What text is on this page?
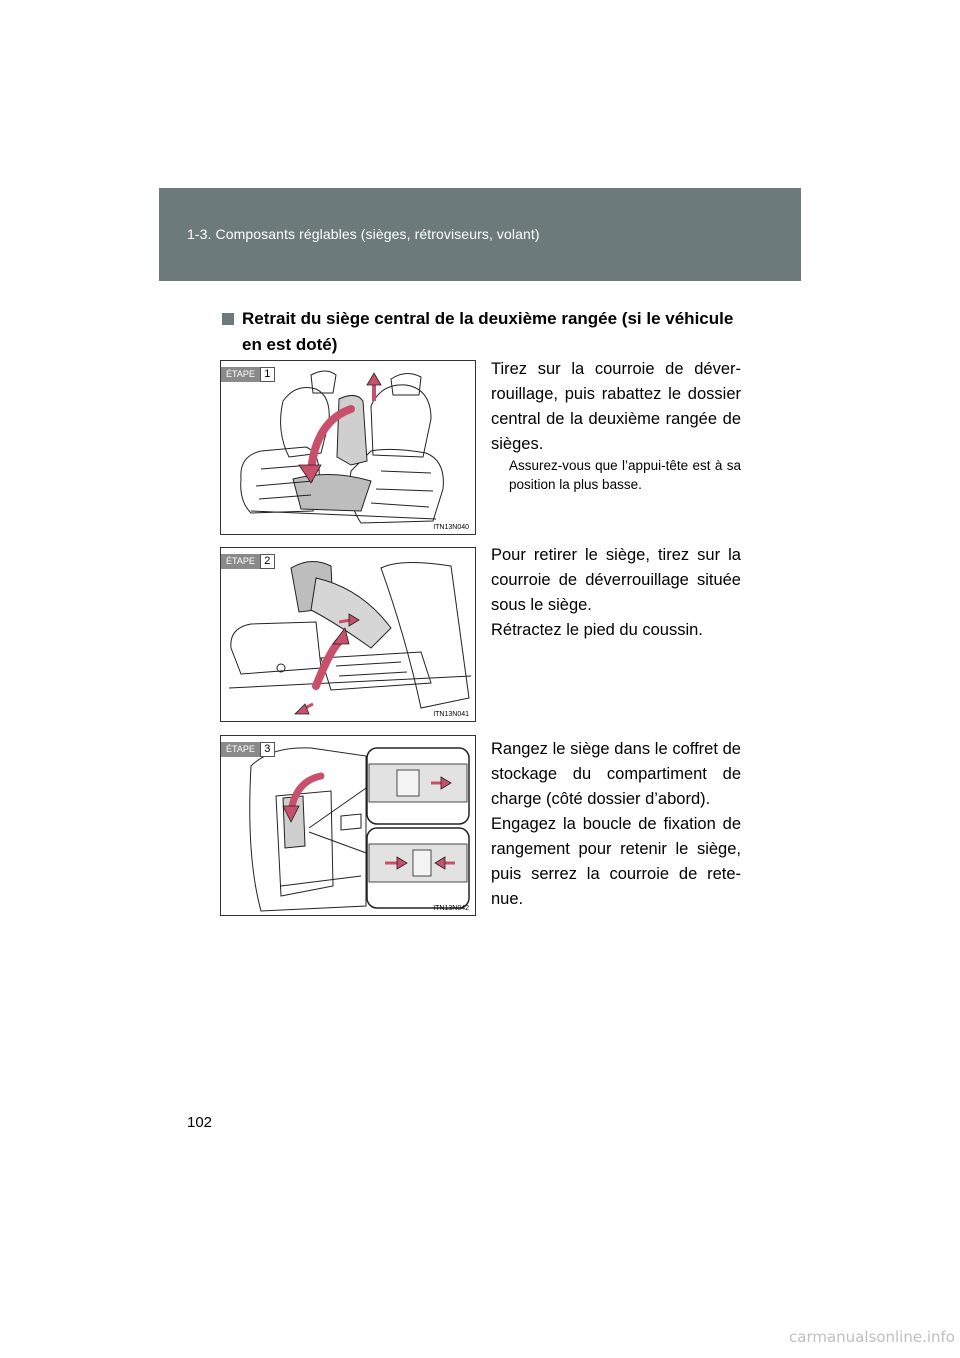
1-3. Composants réglables (sièges, rétroviseurs, volant)
Retrait du siège central de la deuxième rangée (si le véhicule
en est doté)
ÉTAPE 1
ITN13N040

Tirez sur la courroie de déver-rouillage, puis rabattez le dossier central de la deuxième rangée de sièges.

Assurez-vous que l’appui-tête est à sa position la plus basse.
ÉTAPE 2
ITN13N041

Pour retirer le siège, tirez sur la courroie de déverrouillage située sous le siège.

Rétractez le pied du coussin.

ÉTAPE 3
ITN13N042

Rangez le siège dans le coffret de stockage du compartiment de charge (côté dossier d’abord).

Engagez la boucle de fixation de rangement pour retenir le siège, puis serrez la courroie de rete-nue.

102
carmanualsonline.info
